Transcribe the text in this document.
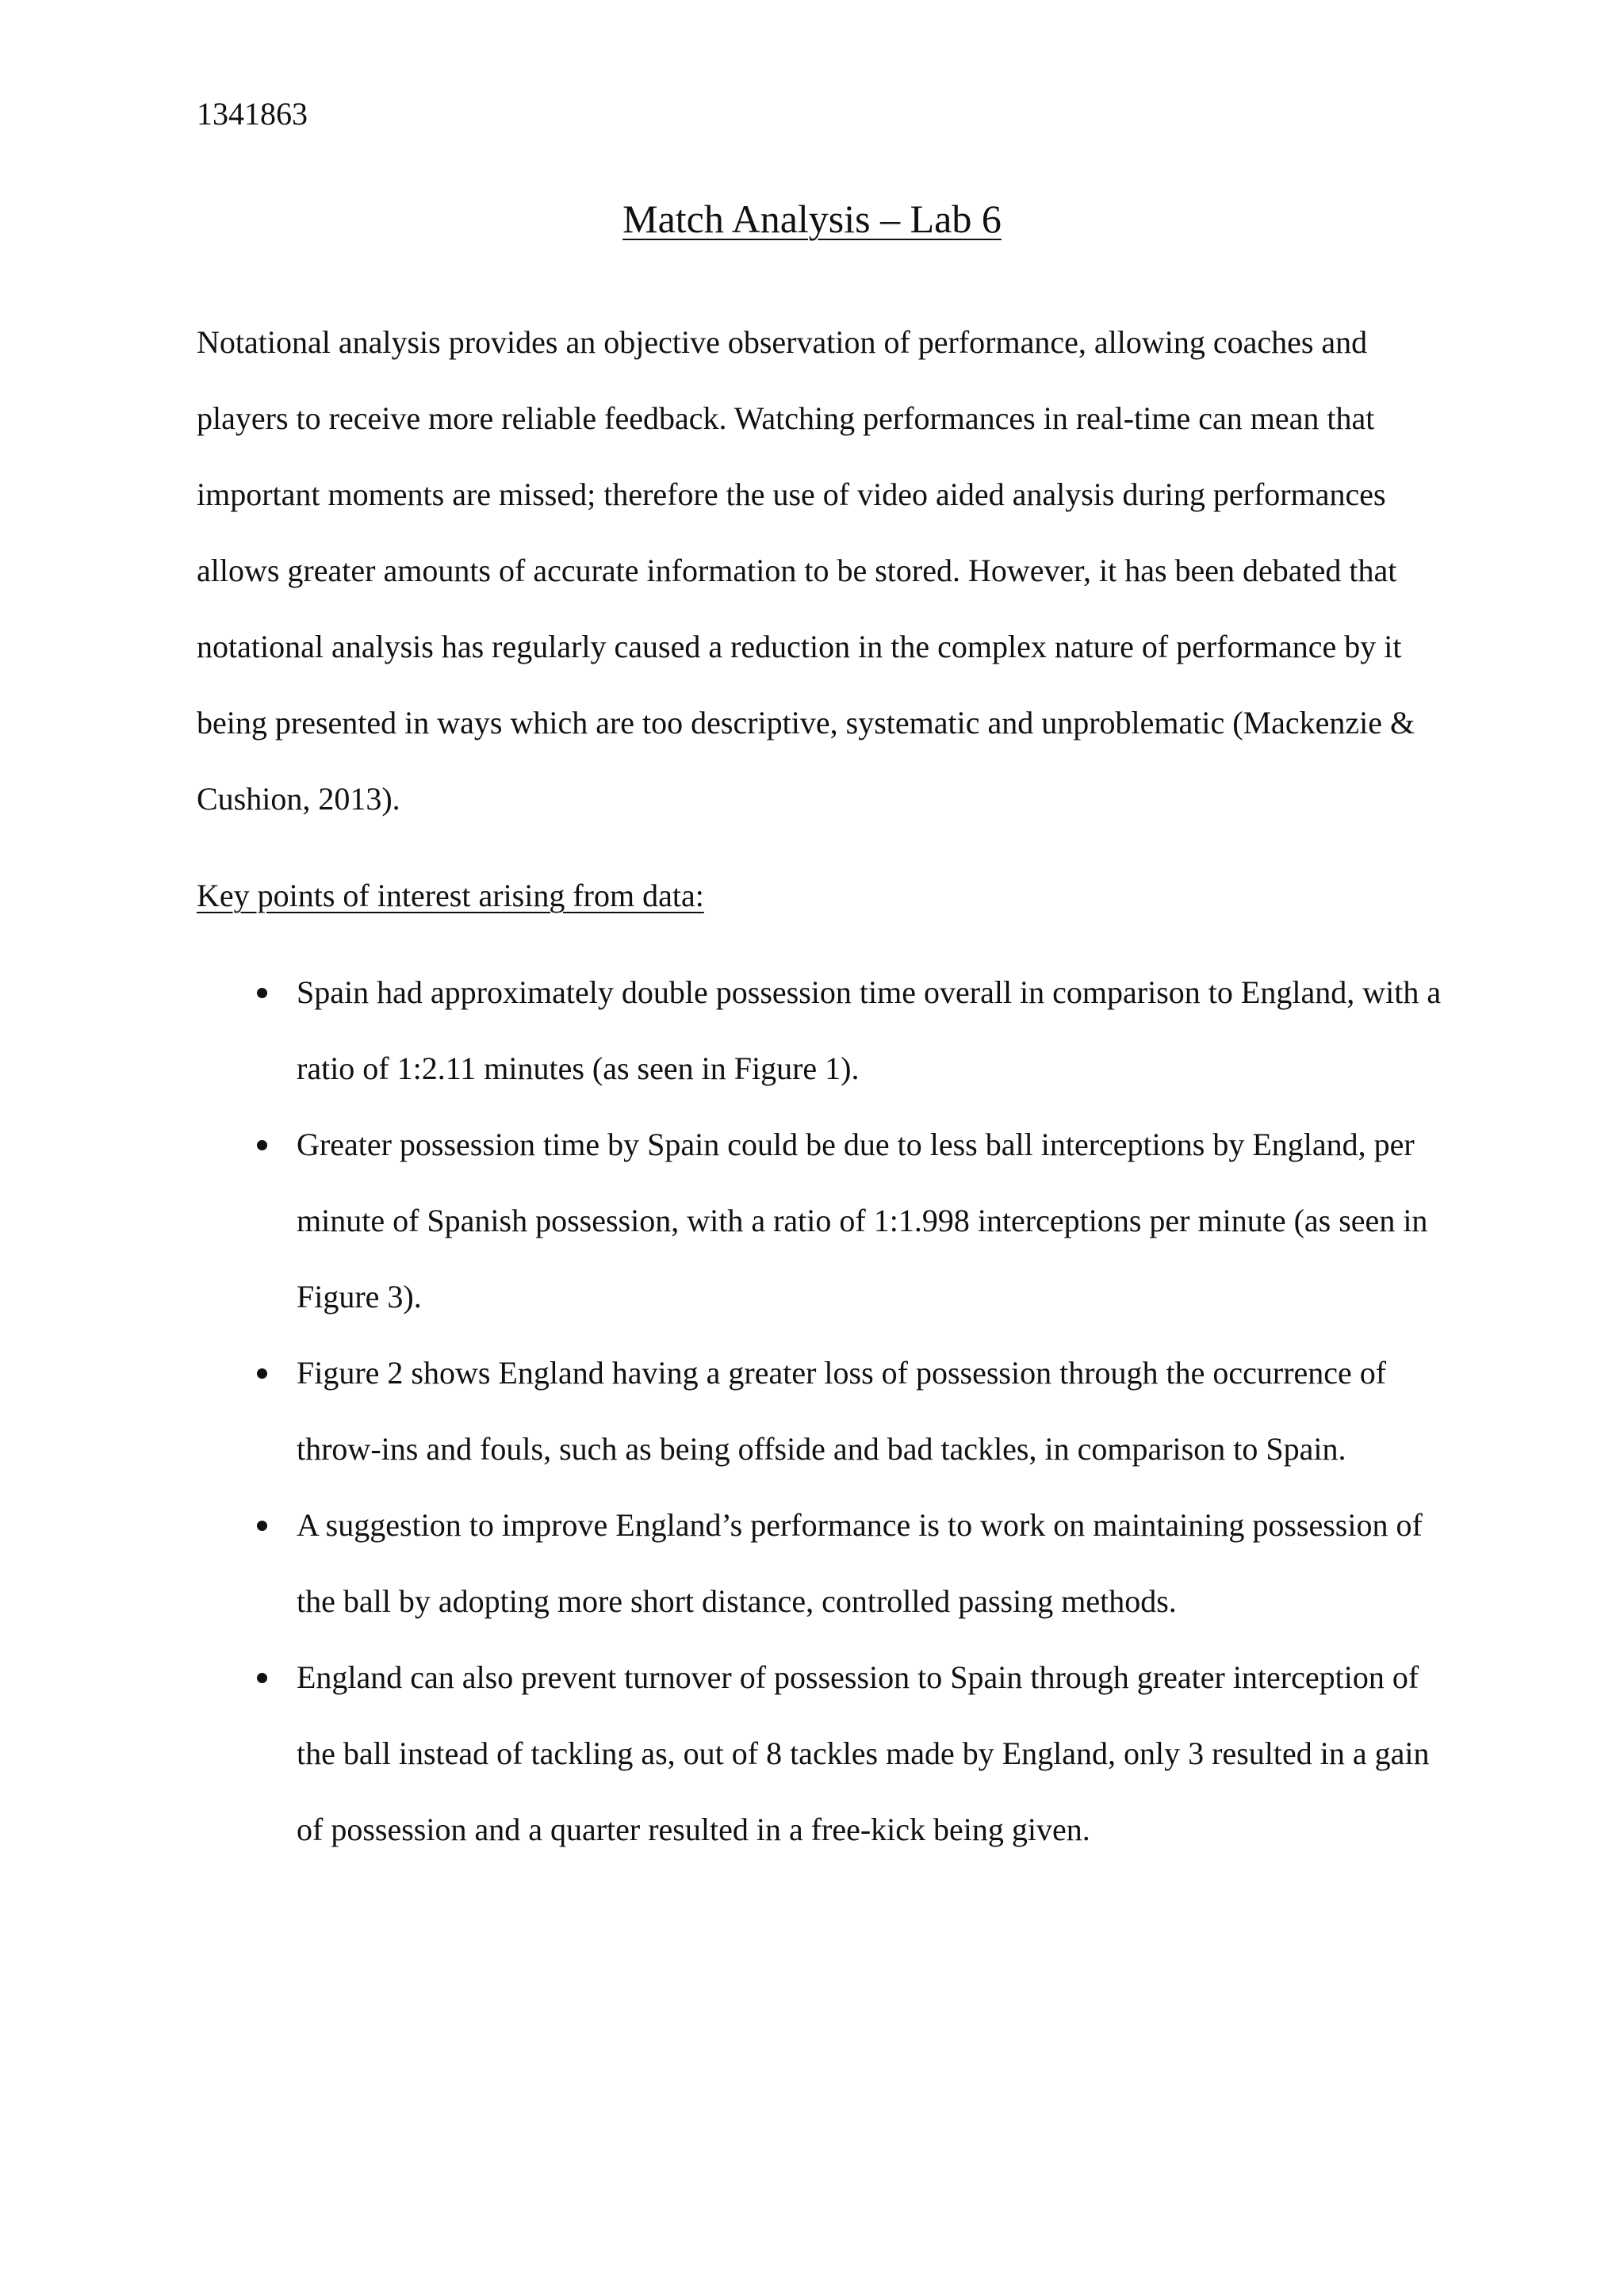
1341863
Match Analysis – Lab 6

Notational analysis provides an objective observation of performance, allowing coaches and players to receive more reliable feedback. Watching performances in real-time can mean that important moments are missed; therefore the use of video aided analysis during performances allows greater amounts of accurate information to be stored. However, it has been debated that notational analysis has regularly caused a reduction in the complex nature of performance by it being presented in ways which are too descriptive, systematic and unproblematic (Mackenzie & Cushion, 2013).

Key points of interest arising from data:
Spain had approximately double possession time overall in comparison to England, with a ratio of 1:2.11 minutes (as seen in Figure 1).
Greater possession time by Spain could be due to less ball interceptions by England, per minute of Spanish possession, with a ratio of 1:1.998 interceptions per minute (as seen in Figure 3).
Figure 2 shows England having a greater loss of possession through the occurrence of throw-ins and fouls, such as being offside and bad tackles, in comparison to Spain.
A suggestion to improve England’s performance is to work on maintaining possession of the ball by adopting more short distance, controlled passing methods.
England can also prevent turnover of possession to Spain through greater interception of the ball instead of tackling as, out of 8 tackles made by England, only 3 resulted in a gain of possession and a quarter resulted in a free-kick being given.
